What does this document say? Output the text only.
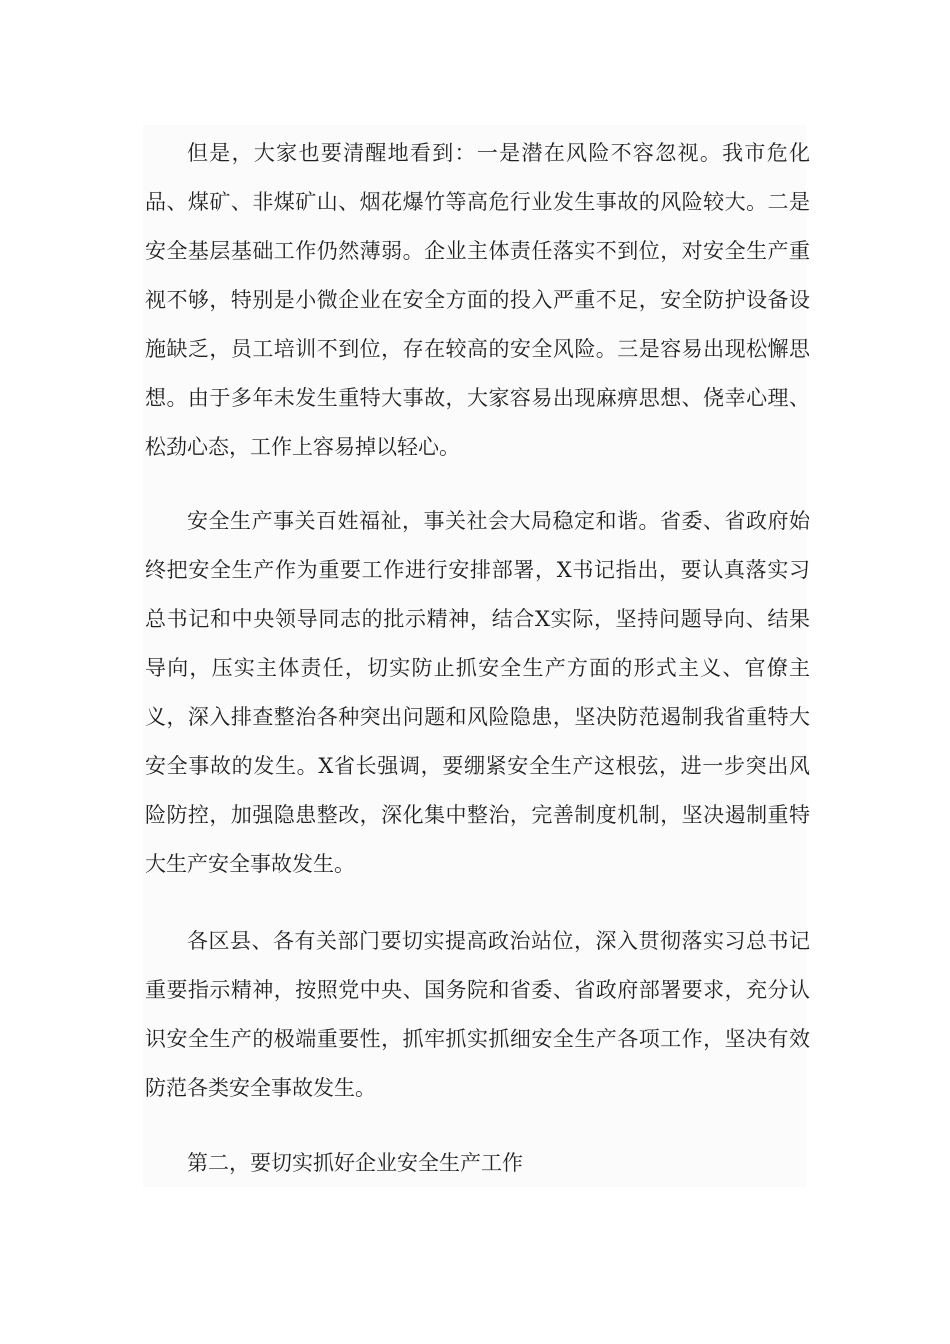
但是，大家也要清醒地看到：一是潜在风险不容忽视。我市危化品、煤矿、非煤矿山、烟花爆竹等高危行业发生事故的风险较大。二是安全基层基础工作仍然薄弱。企业主体责任落实不到位，对安全生产重视不够，特别是小微企业在安全方面的投入严重不足，安全防护设备设施缺乏，员工培训不到位，存在较高的安全风险。三是容易出现松懈思想。由于多年未发生重特大事故，大家容易出现麻痹思想、侥幸心理、松劲心态，工作上容易掉以轻心。

安全生产事关百姓福祉，事关社会大局稳定和谐。省委、省政府始终把安全生产作为重要工作进行安排部署，X书记指出，要认真落实习总书记和中央领导同志的批示精神，结合X实际，坚持问题导向、结果导向，压实主体责任，切实防止抓安全生产方面的形式主义、官僚主义，深入排查整治各种突出问题和风险隐患，坚决防范遏制我省重特大安全事故的发生。X省长强调，要绷紧安全生产这根弦，进一步突出风险防控，加强隐患整改，深化集中整治，完善制度机制，坚决遏制重特大生产安全事故发生。

各区县、各有关部门要切实提高政治站位，深入贯彻落实习总书记重要指示精神，按照党中央、国务院和省委、省政府部署要求，充分认识安全生产的极端重要性，抓牢抓实抓细安全生产各项工作，坚决有效防范各类安全事故发生。

第二，要切实抓好企业安全生产工作
